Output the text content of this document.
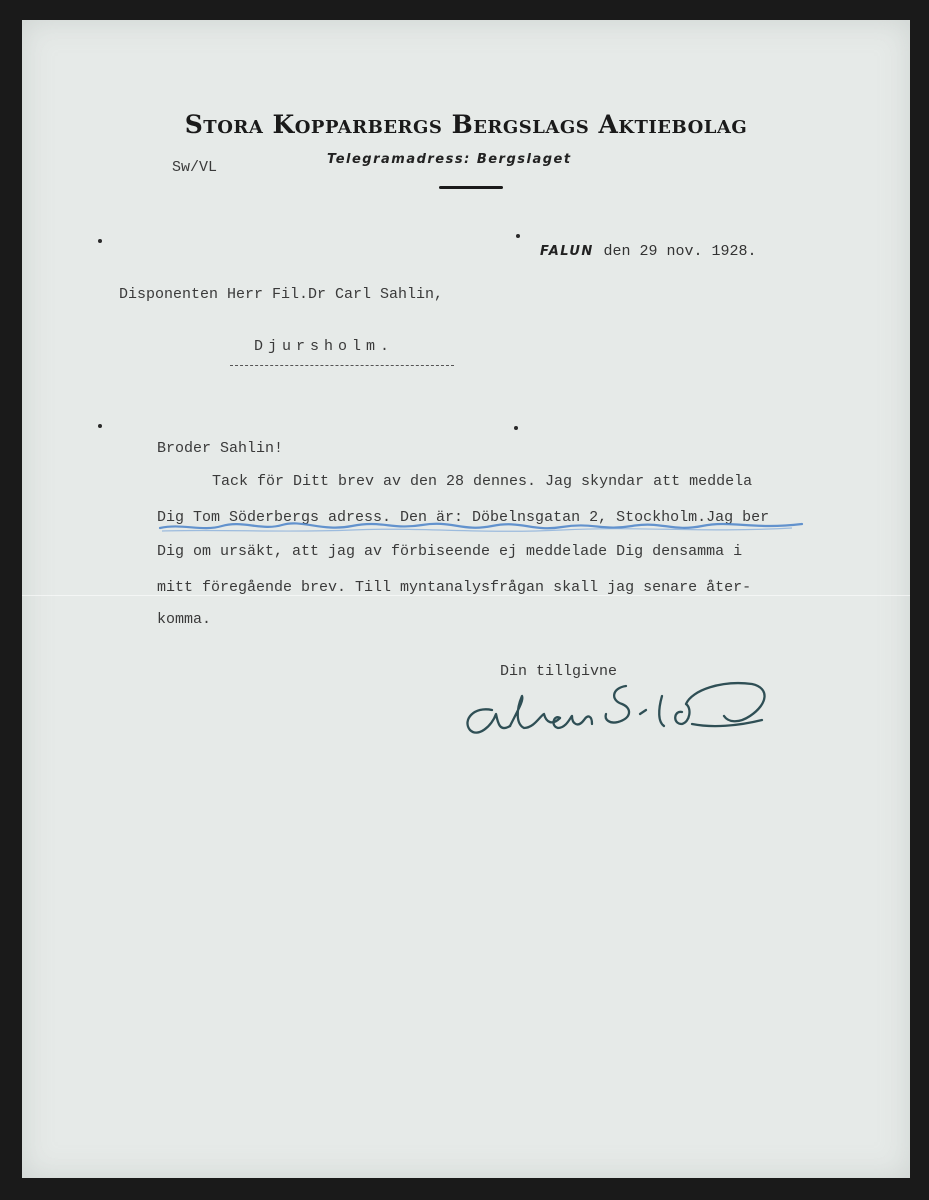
Stora Kopparbergs Bergslags Aktiebolag
Sw/VL	Telegramadress: Bergslaget
FALUN den 29 nov. 1928.
Disponenten Herr Fil.Dr Carl Sahlin,
Djursholm.
Broder Sahlin!
Tack för Ditt brev av den 28 dennes. Jag skyndar att meddela
Dig Tom Söderbergs adress. Den är: Döbelnsgatan 2, Stockholm.Jag ber
Dig om ursäkt, att jag av förbiseende ej meddelade Dig densamma i
mitt föregående brev. Till myntanalysfrågan skall jag senare åter-
komma.
Din tillgivne
